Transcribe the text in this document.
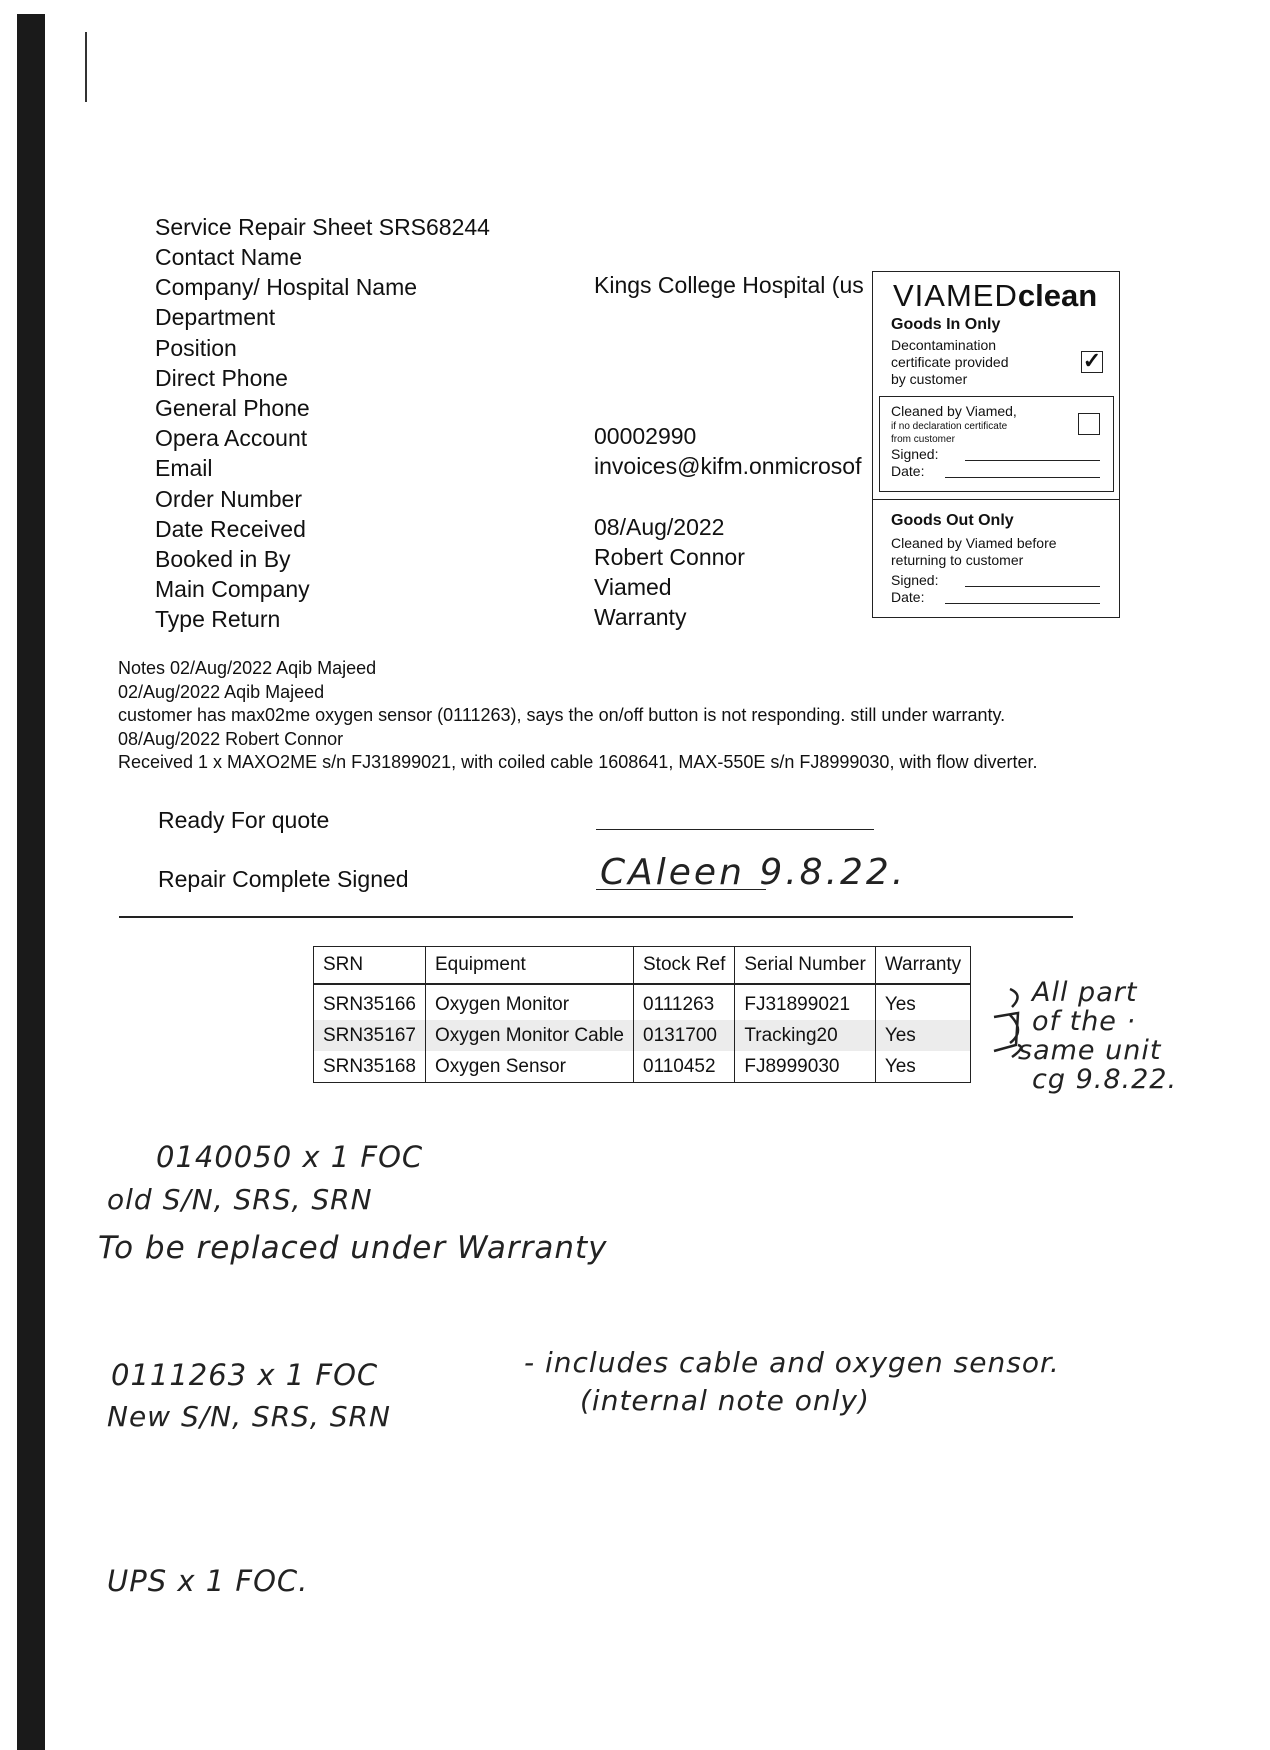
Service Repair Sheet SRS68244
Contact Name
Company/ Hospital Name	Kings College Hospital (us
Department
Position
Direct Phone
General Phone
Opera Account	00002990
Email	invoices@kifm.onmicrosof
Order Number
Date Received	08/Aug/2022
Booked in By	Robert Connor
Main Company	Viamed
Type Return	Warranty
VIAMEDclean
Goods In Only
Decontamination
certificate provided
by customer
✓
Cleaned by Viamed,
if no declaration certificate
from customer
Signed:
Date:
Goods Out Only
Cleaned by Viamed before
returning to customer
Signed:
Date:
Notes 02/Aug/2022 Aqib Majeed
02/Aug/2022 Aqib Majeed
customer has max02me oxygen sensor (0111263), says the on/off button is not responding. still under warranty.
08/Aug/2022 Robert Connor
Received 1 x MAXO2ME s/n FJ31899021, with coiled cable 1608641, MAX-550E s/n FJ8999030, with flow diverter.
Ready For quote
Repair Complete Signed	CAleen 9.8.22.
SRN	Equipment	Stock Ref	Serial Number	Warranty
SRN35166	Oxygen Monitor	0111263	FJ31899021	Yes
SRN35167	Oxygen Monitor Cable	0131700	Tracking20	Yes
SRN35168	Oxygen Sensor	0110452	FJ8999030	Yes
All part
of the ·
same unit
cg 9.8.22.
0140050 x 1 FOC
old S/N, SRS, SRN
To be replaced under Warranty
0111263 x 1 FOC	- includes cable and oxygen sensor.
(internal note only)
New S/N, SRS, SRN
UPS x 1 FOC.
